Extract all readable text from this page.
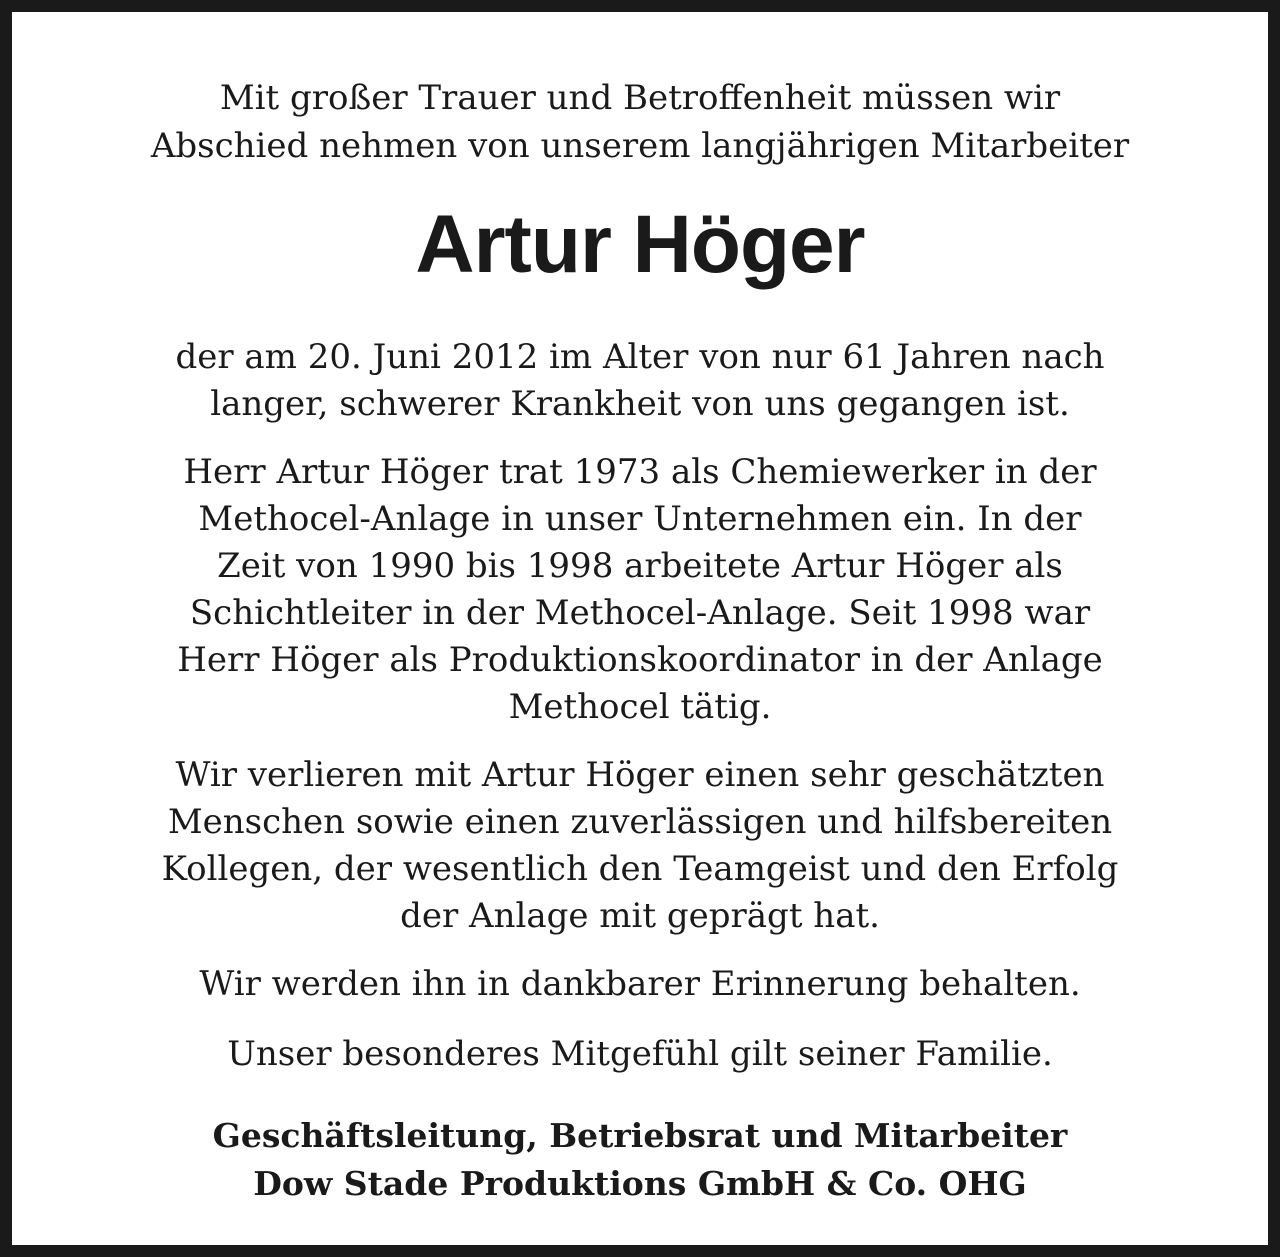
Mit großer Trauer und Betroffenheit müssen wir
Abschied nehmen von unserem langjährigen Mitarbeiter
Artur Höger
der am 20. Juni 2012 im Alter von nur 61 Jahren nach
langer, schwerer Krankheit von uns gegangen ist.
Herr Artur Höger trat 1973 als Chemiewerker in der
Methocel-Anlage in unser Unternehmen ein. In der
Zeit von 1990 bis 1998 arbeitete Artur Höger als
Schichtleiter in der Methocel-Anlage. Seit 1998 war
Herr Höger als Produktionskoordinator in der Anlage
Methocel tätig.
Wir verlieren mit Artur Höger einen sehr geschätzten
Menschen sowie einen zuverlässigen und hilfsbereiten
Kollegen, der wesentlich den Teamgeist und den Erfolg
der Anlage mit geprägt hat.
Wir werden ihn in dankbarer Erinnerung behalten.
Unser besonderes Mitgefühl gilt seiner Familie.
Geschäftsleitung, Betriebsrat und Mitarbeiter
Dow Stade Produktions GmbH & Co. OHG
